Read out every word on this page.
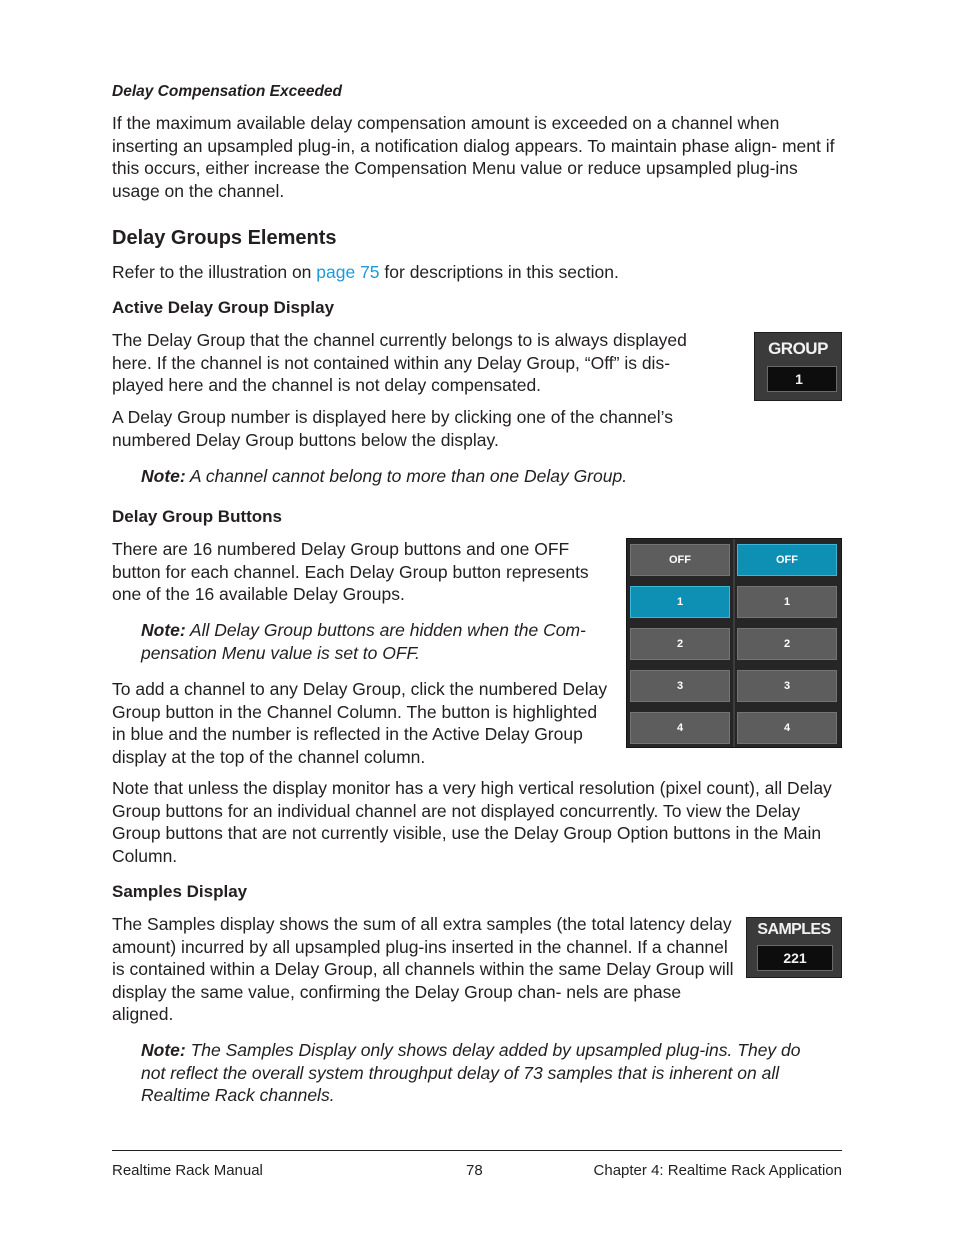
Delay Compensation Exceeded

If the maximum available delay compensation amount is exceeded on a channel when inserting an upsampled plug-in, a notification dialog appears. To maintain phase align- ment if this occurs, either increase the Compensation Menu value or reduce upsampled plug-ins usage on the channel.

Delay Groups Elements

Refer to the illustration on page 75 for descriptions in this section.

Active Delay Group Display

The Delay Group that the channel currently belongs to is always displayed here. If the channel is not contained within any Delay Group, “Off” is dis- played here and the channel is not delay compensated.

A Delay Group number is displayed here by clicking one of the channel’s numbered Delay Group buttons below the display.

Note: A channel cannot belong to more than one Delay Group.

GROUP
1
Delay Group Buttons

There are 16 numbered Delay Group buttons and one OFF button for each channel. Each Delay Group button represents one of the 16 available Delay Groups.

Note: All Delay Group buttons are hidden when the Com- pensation Menu value is set to OFF.

To add a channel to any Delay Group, click the numbered Delay Group button in the Channel Column. The button is highlighted in blue and the number is reflected in the Active Delay Group display at the top of the channel column.

OFF
1
2
3
4
OFF
1
2
3
4

Note that unless the display monitor has a very high vertical resolution (pixel count), all Delay Group buttons for an individual channel are not displayed concurrently. To view the Delay Group buttons that are not currently visible, use the Delay Group Option buttons in the Main Column.

Samples Display

The Samples display shows the sum of all extra samples (the total latency delay amount) incurred by all upsampled plug-ins inserted in the channel. If a channel is contained within a Delay Group, all channels within the same Delay Group will display the same value, confirming the Delay Group chan- nels are phase aligned.

Note: The Samples Display only shows delay added by upsampled plug-ins. They do not reflect the overall system throughput delay of 73 samples that is inherent on all Realtime Rack channels.

SAMPLES
221
Realtime Rack Manual	78	Chapter 4: Realtime Rack Application
